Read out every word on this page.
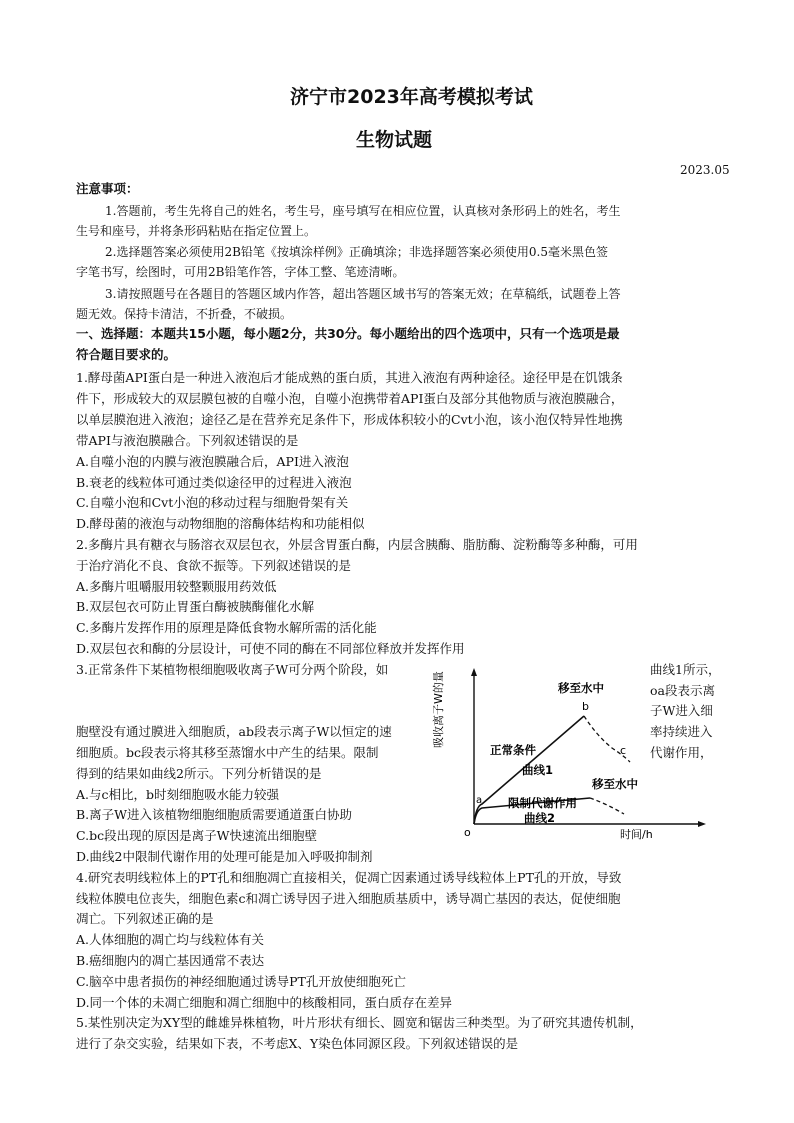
济宁市2023年高考模拟考试
生物试题
2023.05
注意事项：
1.答题前，考生先将自己的姓名，考生号，座号填写在相应位置，认真核对条形码上的姓名，考生
生号和座号，并将条形码粘贴在指定位置上。
2.选择题答案必须使用2B铅笔《按填涂样例》正确填涂；非选择题答案必须使用0.5毫米黑色签
字笔书写，绘图时，可用2B铅笔作答，字体工整、笔迹清晰。
3.请按照题号在各题目的答题区域内作答，超出答题区域书写的答案无效；在草稿纸，试题卷上答
题无效。保持卡清洁，不折叠，不破损。
一、选择题：本题共15小题，每小题2分，共30分。每小题给出的四个选项中，只有一个选项是最
符合题目要求的。
1.酵母菌API蛋白是一种进入液泡后才能成熟的蛋白质，其进入液泡有两种途径。途径甲是在饥饿条
件下，形成较大的双层膜包被的自噬小泡，自噬小泡携带着API蛋白及部分其他物质与液泡膜融合，
以单层膜泡进入液泡；途径乙是在营养充足条件下，形成体积较小的Cvt小泡，该小泡仅特异性地携
带API与液泡膜融合。下列叙述错误的是
A.自噬小泡的内膜与液泡膜融合后，API进入液泡
B.衰老的线粒体可通过类似途径甲的过程进入液泡
C.自噬小泡和Cvt小泡的移动过程与细胞骨架有关
D.酵母菌的液泡与动物细胞的溶酶体结构和功能相似
2.多酶片具有糖衣与肠溶衣双层包衣，外层含胃蛋白酶，内层含胰酶、脂肪酶、淀粉酶等多种酶，可用
于治疗消化不良、食欲不振等。下列叙述错误的是
A.多酶片咀嚼服用较整颗服用药效低
B.双层包衣可防止胃蛋白酶被胰酶催化水解
C.多酶片发挥作用的原理是降低食物水解所需的活化能
D.双层包衣和酶的分层设计，可使不同的酶在不同部位释放并发挥作用
3.正常条件下某植物根细胞吸收离子W可分两个阶段，如	曲线1所示，
oa段表示离
子W进入细
胞壁没有通过膜进入细胞质，ab段表示离子W以恒定的速	率持续进入
细胞质。bc段表示将其移至蒸馏水中产生的结果。限制	代谢作用，
得到的结果如曲线2所示。下列分析错误的是
A.与c相比，b时刻细胞吸水能力较强
B.离子W进入该植物细胞细胞质需要通道蛋白协助
C.bc段出现的原因是离子W快速流出细胞壁
D.曲线2中限制代谢作用的处理可能是加入呼吸抑制剂
吸收离子W的量
时间/h
o
a
b
c
移至水中
正常条件
曲线1
移至水中
限制代谢作用
曲线2
4.研究表明线粒体上的PT孔和细胞凋亡直接相关，促凋亡因素通过诱导线粒体上PT孔的开放，导致
线粒体膜电位丧失，细胞色素c和凋亡诱导因子进入细胞质基质中，诱导凋亡基因的表达，促使细胞
凋亡。下列叙述正确的是
A.人体细胞的凋亡均与线粒体有关
B.癌细胞内的凋亡基因通常不表达
C.脑卒中患者损伤的神经细胞通过诱导PT孔开放使细胞死亡
D.同一个体的未凋亡细胞和凋亡细胞中的核酸相同，蛋白质存在差异
5.某性别决定为XY型的雌雄异株植物，叶片形状有细长、圆宽和锯齿三种类型。为了研究其遗传机制，
进行了杂交实验，结果如下表，不考虑X、Y染色体同源区段。下列叙述错误的是
